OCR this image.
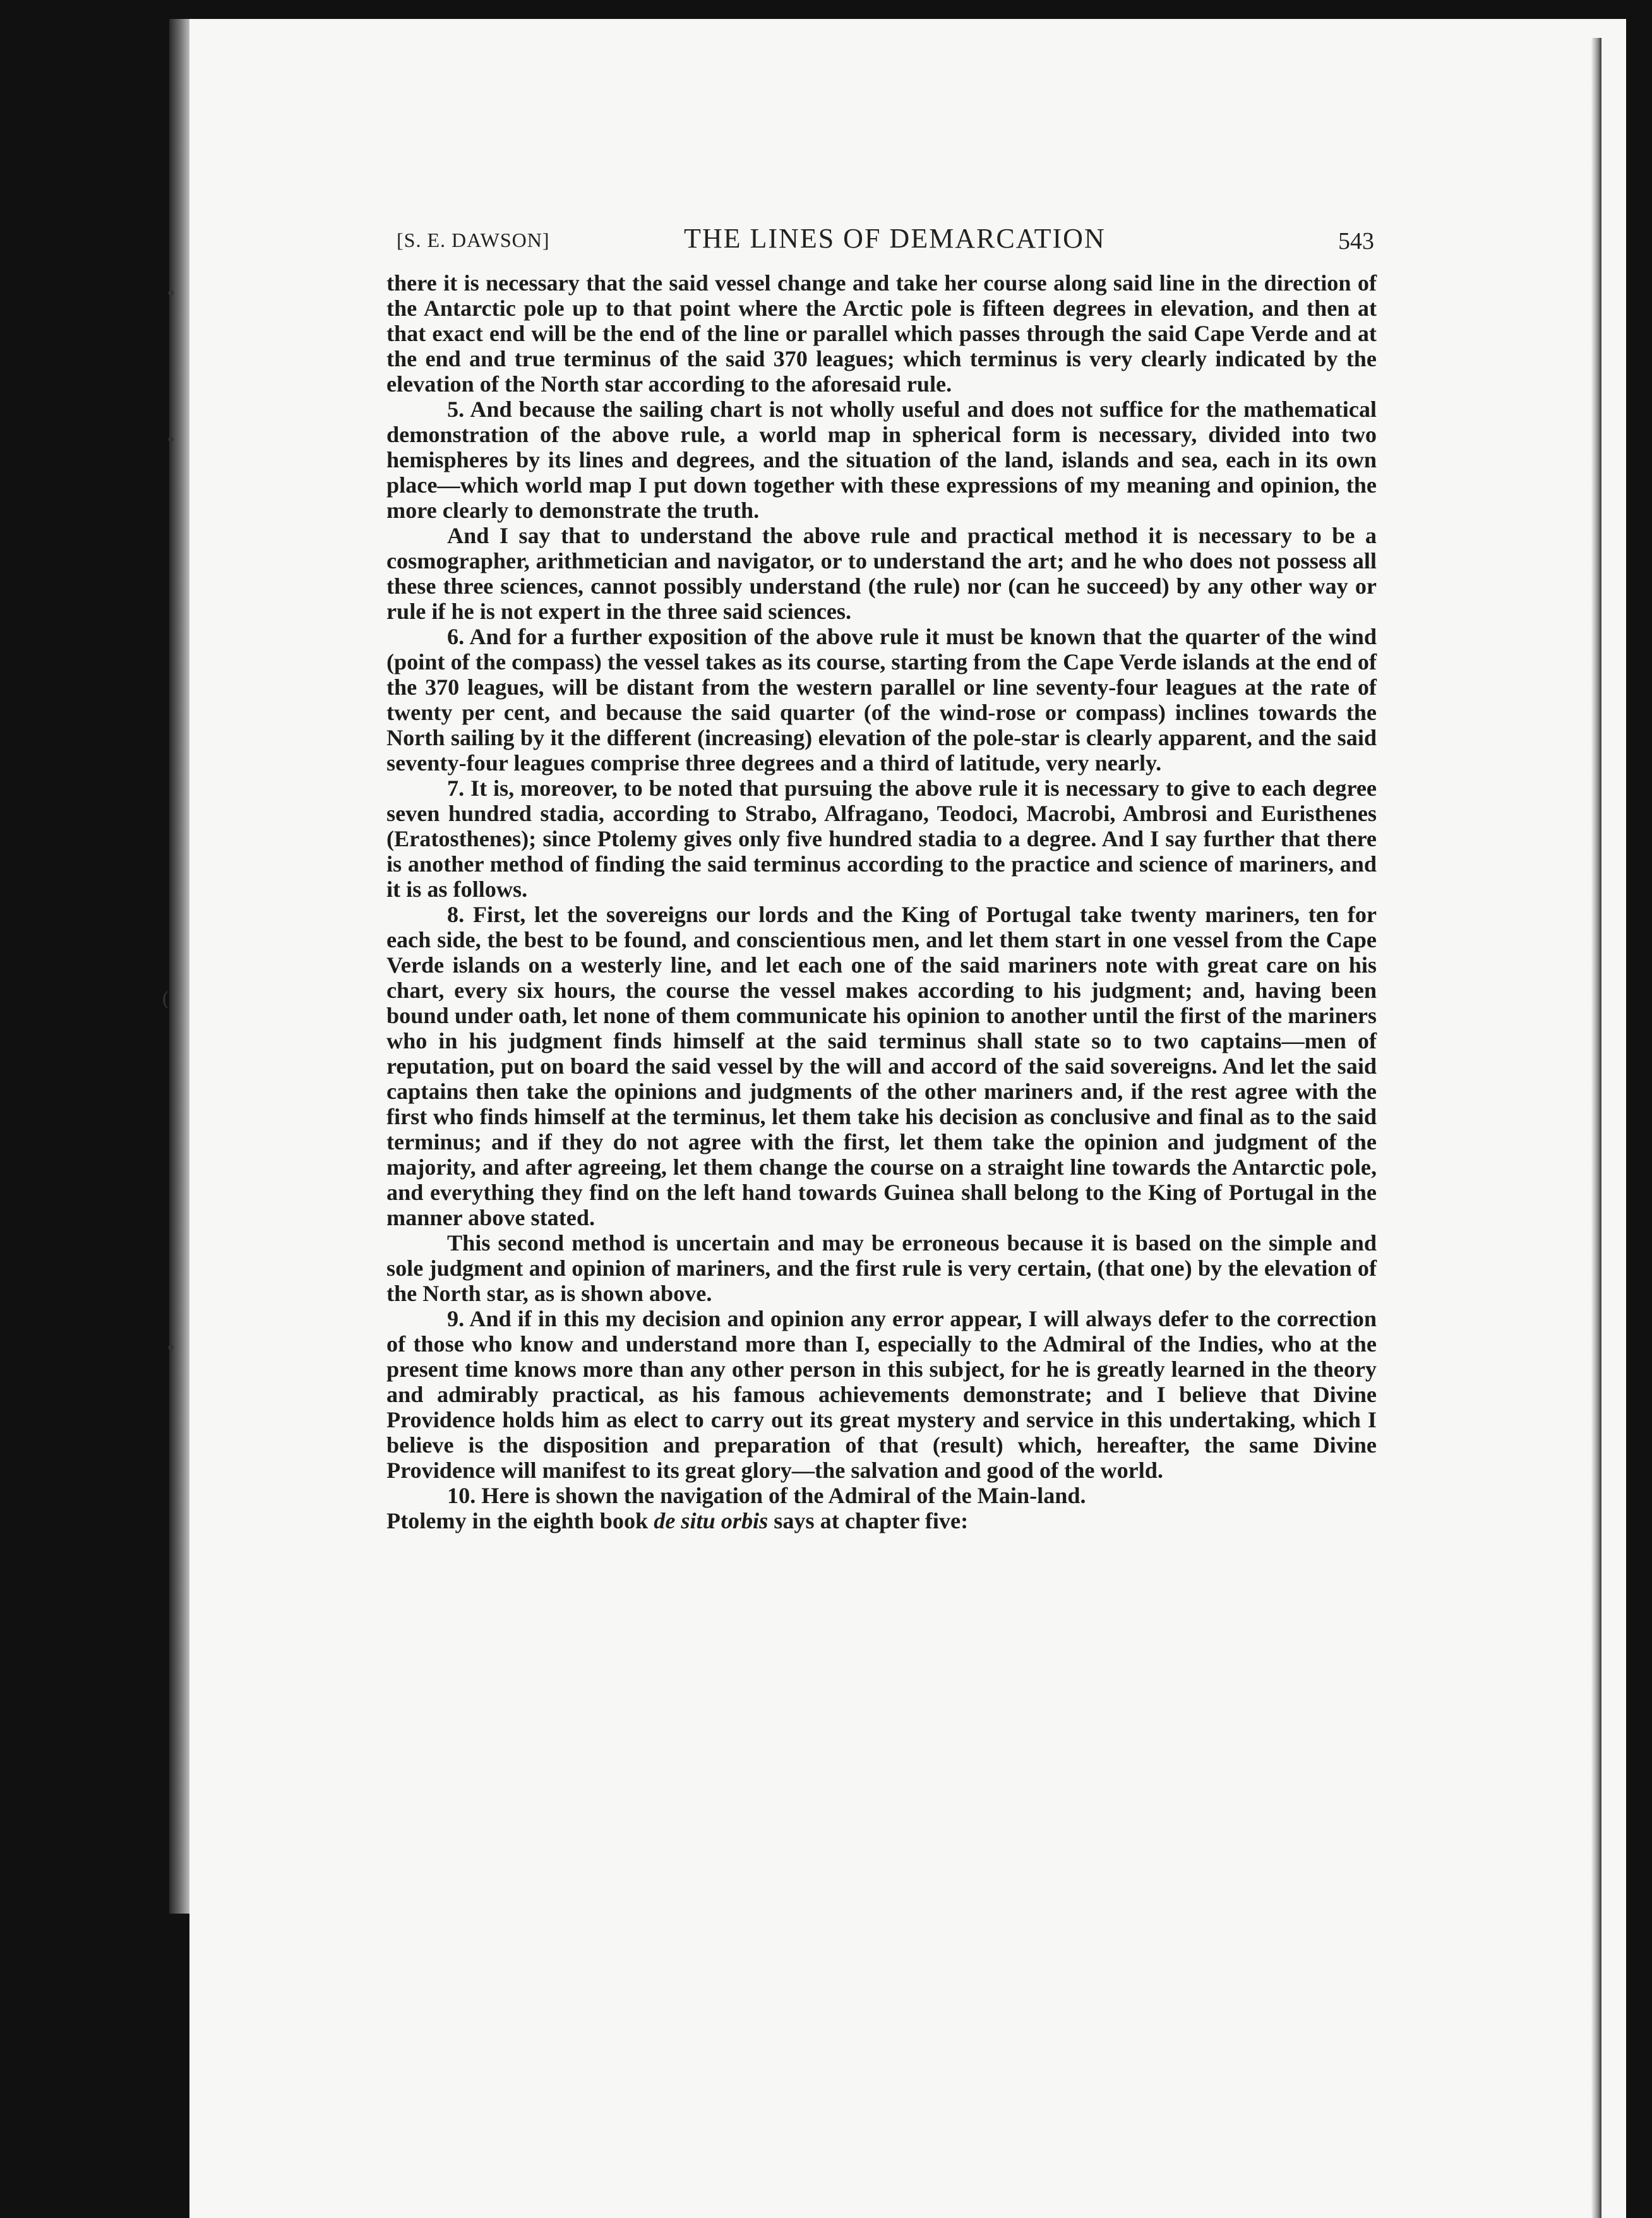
•
•
(
•
[S. E. DAWSON]	THE LINES OF DEMARCATION	543

there it is necessary that the said vessel change and take her course along said line in the direction of the Antarctic pole up to that point where the Arctic pole is fifteen degrees in elevation, and then at that exact end will be the end of the line or parallel which passes through the said Cape Verde and at the end and true terminus of the said 370 leagues; which terminus is very clearly indicated by the elevation of the North star according to the aforesaid rule.

5. And because the sailing chart is not wholly useful and does not suffice for the mathematical demonstration of the above rule, a world map in spherical form is necessary, divided into two hemispheres by its lines and degrees, and the situation of the land, islands and sea, each in its own place—which world map I put down together with these expressions of my meaning and opinion, the more clearly to demonstrate the truth.

And I say that to understand the above rule and practical method it is necessary to be a cosmographer, arithmetician and navigator, or to understand the art; and he who does not possess all these three sciences, cannot possibly understand (the rule) nor (can he succeed) by any other way or rule if he is not expert in the three said sciences.

6. And for a further exposition of the above rule it must be known that the quarter of the wind (point of the compass) the vessel takes as its course, starting from the Cape Verde islands at the end of the 370 leagues, will be distant from the western parallel or line seventy-four leagues at the rate of twenty per cent, and because the said quarter (of the wind-rose or compass) inclines towards the North sailing by it the different (increasing) elevation of the pole-star is clearly apparent, and the said seventy-four leagues comprise three degrees and a third of latitude, very nearly.

7. It is, moreover, to be noted that pursuing the above rule it is necessary to give to each degree seven hundred stadia, according to Strabo, Alfragano, Teodoci, Macrobi, Ambrosi and Euristhenes (Eratosthenes); since Ptolemy gives only five hundred stadia to a degree. And I say further that there is another method of finding the said terminus according to the practice and science of mariners, and it is as follows.

8. First, let the sovereigns our lords and the King of Portugal take twenty mariners, ten for each side, the best to be found, and conscientious men, and let them start in one vessel from the Cape Verde islands on a westerly line, and let each one of the said mariners note with great care on his chart, every six hours, the course the vessel makes according to his judgment; and, having been bound under oath, let none of them communicate his opinion to another until the first of the mariners who in his judgment finds himself at the said terminus shall state so to two captains—men of reputation, put on board the said vessel by the will and accord of the said sovereigns. And let the said captains then take the opinions and judgments of the other mariners and, if the rest agree with the first who finds himself at the terminus, let them take his decision as conclusive and final as to the said terminus; and if they do not agree with the first, let them take the opinion and judgment of the majority, and after agreeing, let them change the course on a straight line towards the Antarctic pole, and everything they find on the left hand towards Guinea shall belong to the King of Portugal in the manner above stated.

This second method is uncertain and may be erroneous because it is based on the simple and sole judgment and opinion of mariners, and the first rule is very certain, (that one) by the elevation of the North star, as is shown above.

9. And if in this my decision and opinion any error appear, I will always defer to the correction of those who know and understand more than I, especially to the Admiral of the Indies, who at the present time knows more than any other person in this subject, for he is greatly learned in the theory and admirably practical, as his famous achievements demonstrate; and I believe that Divine Providence holds him as elect to carry out its great mystery and service in this undertaking, which I believe is the disposition and preparation of that (result) which, hereafter, the same Divine Providence will manifest to its great glory—the salvation and good of the world.

10. Here is shown the navigation of the Admiral of the Main-land.

Ptolemy in the eighth book de situ orbis says at chapter five:
